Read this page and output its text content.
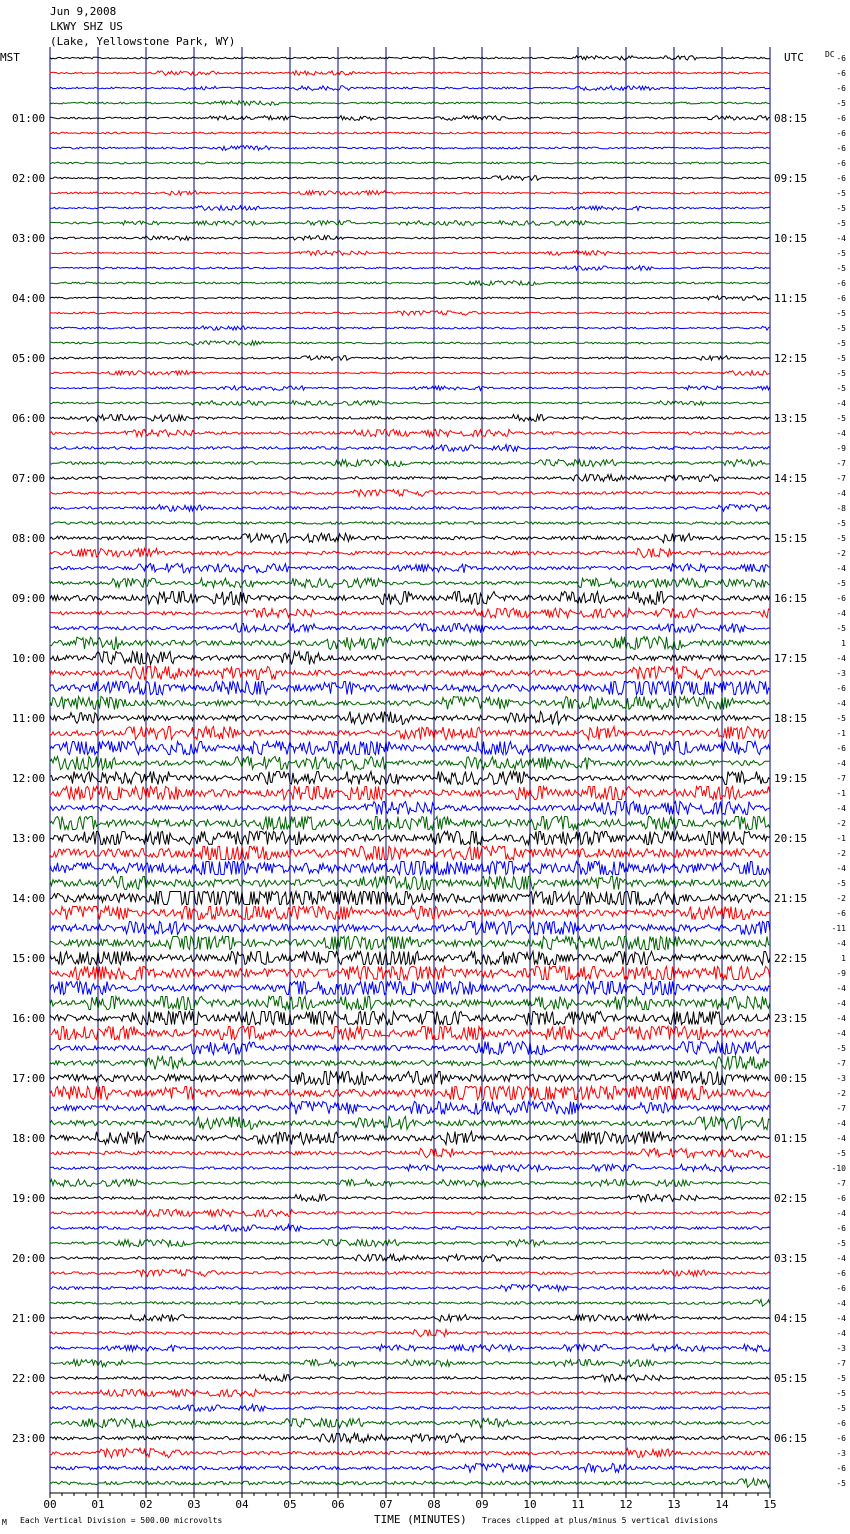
Jun 9,2008
LKWY SHZ US
(Lake, Yellowstone Park, WY)
MST	UTC	DC
01:00
02:00
03:00
04:00
05:00
06:00
07:00
08:00
09:00
10:00
11:00
12:00
13:00
14:00
15:00
16:00
17:00
18:00
19:00
20:00
21:00
22:00
23:00
08:15
09:15
10:15
11:15
12:15
13:15
14:15
15:15
16:15
17:15
18:15
19:15
20:15
21:15
22:15
23:15
00:15
01:15
02:15
03:15
04:15
05:15
06:15
-6
-6
-6
-5
-6
-6
-6
-6
-6
-5
-5
-5
-4
-5
-5
-6
-6
-5
-5
-5
-5
-5
-5
-4
-5
-4
-9
-7
-7
-4
-8
-5
-5
-2
-4
-5
-6
-4
-5
1
-4
-3
-6
-4
-5
-1
-6
-4
-7
-1
-4
-2
-1
-2
-4
-5
-2
-6
-11
-4
1
-9
-4
-4
-4
-4
-5
-7
-3
-2
-7
-4
-4
-5
-10
-7
-6
-4
-6
-5
-4
-6
-6
-4
-4
-4
-3
-7
-5
-5
-5
-6
-6
-3
-6
-5
00	01	02	03	04	05	06	07	08	09	10	11	12	13	14	15
TIME (MINUTES)
M Each Vertical Division = 500.00 microvolts	Traces clipped at plus/minus 5 vertical divisions
